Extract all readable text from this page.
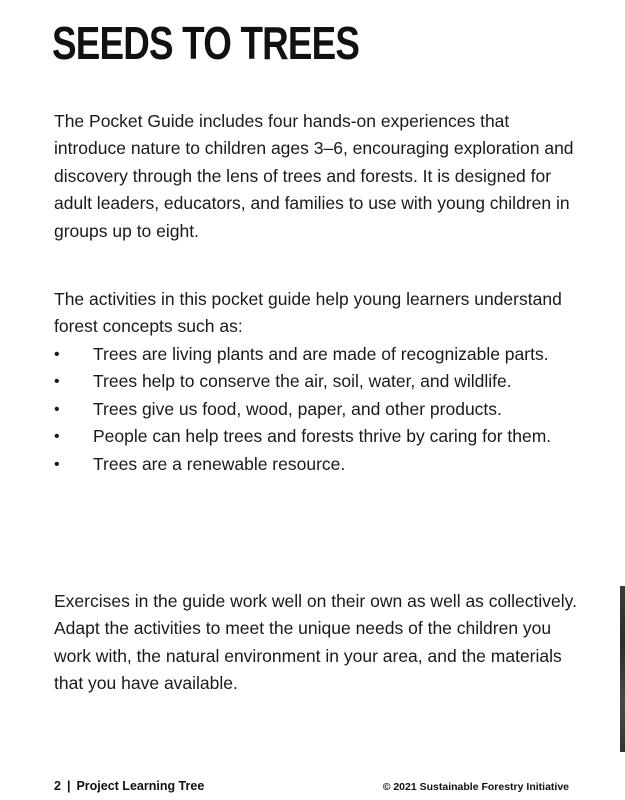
SEEDS TO TREES

The Pocket Guide includes four hands-on experiences that introduce nature to children ages 3–6, encouraging exploration and discovery through the lens of trees and forests. It is designed for adult leaders, educators, and families to use with young children in groups up to eight.

The activities in this pocket guide help young learners understand forest concepts such as:

• Trees are living plants and are made of recognizable parts.
• Trees help to conserve the air, soil, water, and wildlife.
• Trees give us food, wood, paper, and other products.
• People can help trees and forests thrive by caring for them.
• Trees are a renewable resource.

Exercises in the guide work well on their own as well as collectively. Adapt the activities to meet the unique needs of the children you work with, the natural environment in your area, and the materials that you have available.

2 | Project Learning Tree	© 2021 Sustainable Forestry Initiative
